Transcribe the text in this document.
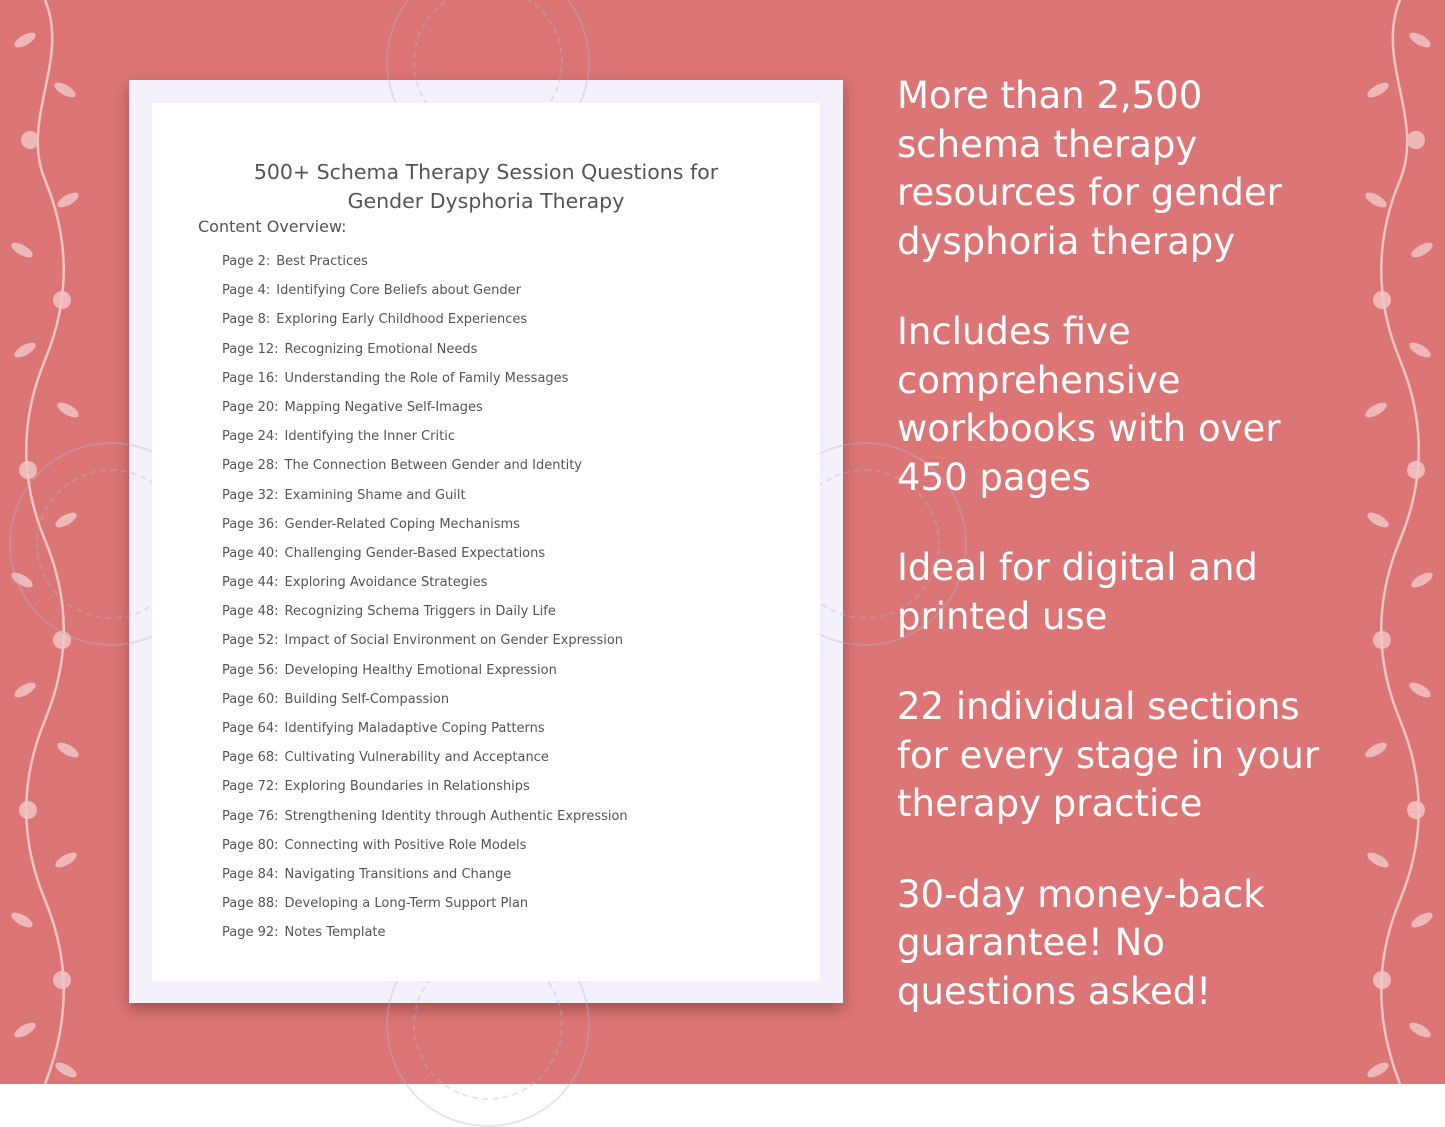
500+ Schema Therapy Session Questions for
Gender Dysphoria Therapy
Content Overview:
Page 2: Best Practices
Page 4: Identifying Core Beliefs about Gender
Page 8: Exploring Early Childhood Experiences
Page 12: Recognizing Emotional Needs
Page 16: Understanding the Role of Family Messages
Page 20: Mapping Negative Self-Images
Page 24: Identifying the Inner Critic
Page 28: The Connection Between Gender and Identity
Page 32: Examining Shame and Guilt
Page 36: Gender-Related Coping Mechanisms
Page 40: Challenging Gender-Based Expectations
Page 44: Exploring Avoidance Strategies
Page 48: Recognizing Schema Triggers in Daily Life
Page 52: Impact of Social Environment on Gender Expression
Page 56: Developing Healthy Emotional Expression
Page 60: Building Self-Compassion
Page 64: Identifying Maladaptive Coping Patterns
Page 68: Cultivating Vulnerability and Acceptance
Page 72: Exploring Boundaries in Relationships
Page 76: Strengthening Identity through Authentic Expression
Page 80: Connecting with Positive Role Models
Page 84: Navigating Transitions and Change
Page 88: Developing a Long-Term Support Plan
Page 92: Notes Template
More than 2,500 schema therapy resources for gender dysphoria therapy
Includes five comprehensive workbooks with over 450 pages
Ideal for digital and printed use
22 individual sections for every stage in your therapy practice
30-day money-back guarantee! No questions asked!
